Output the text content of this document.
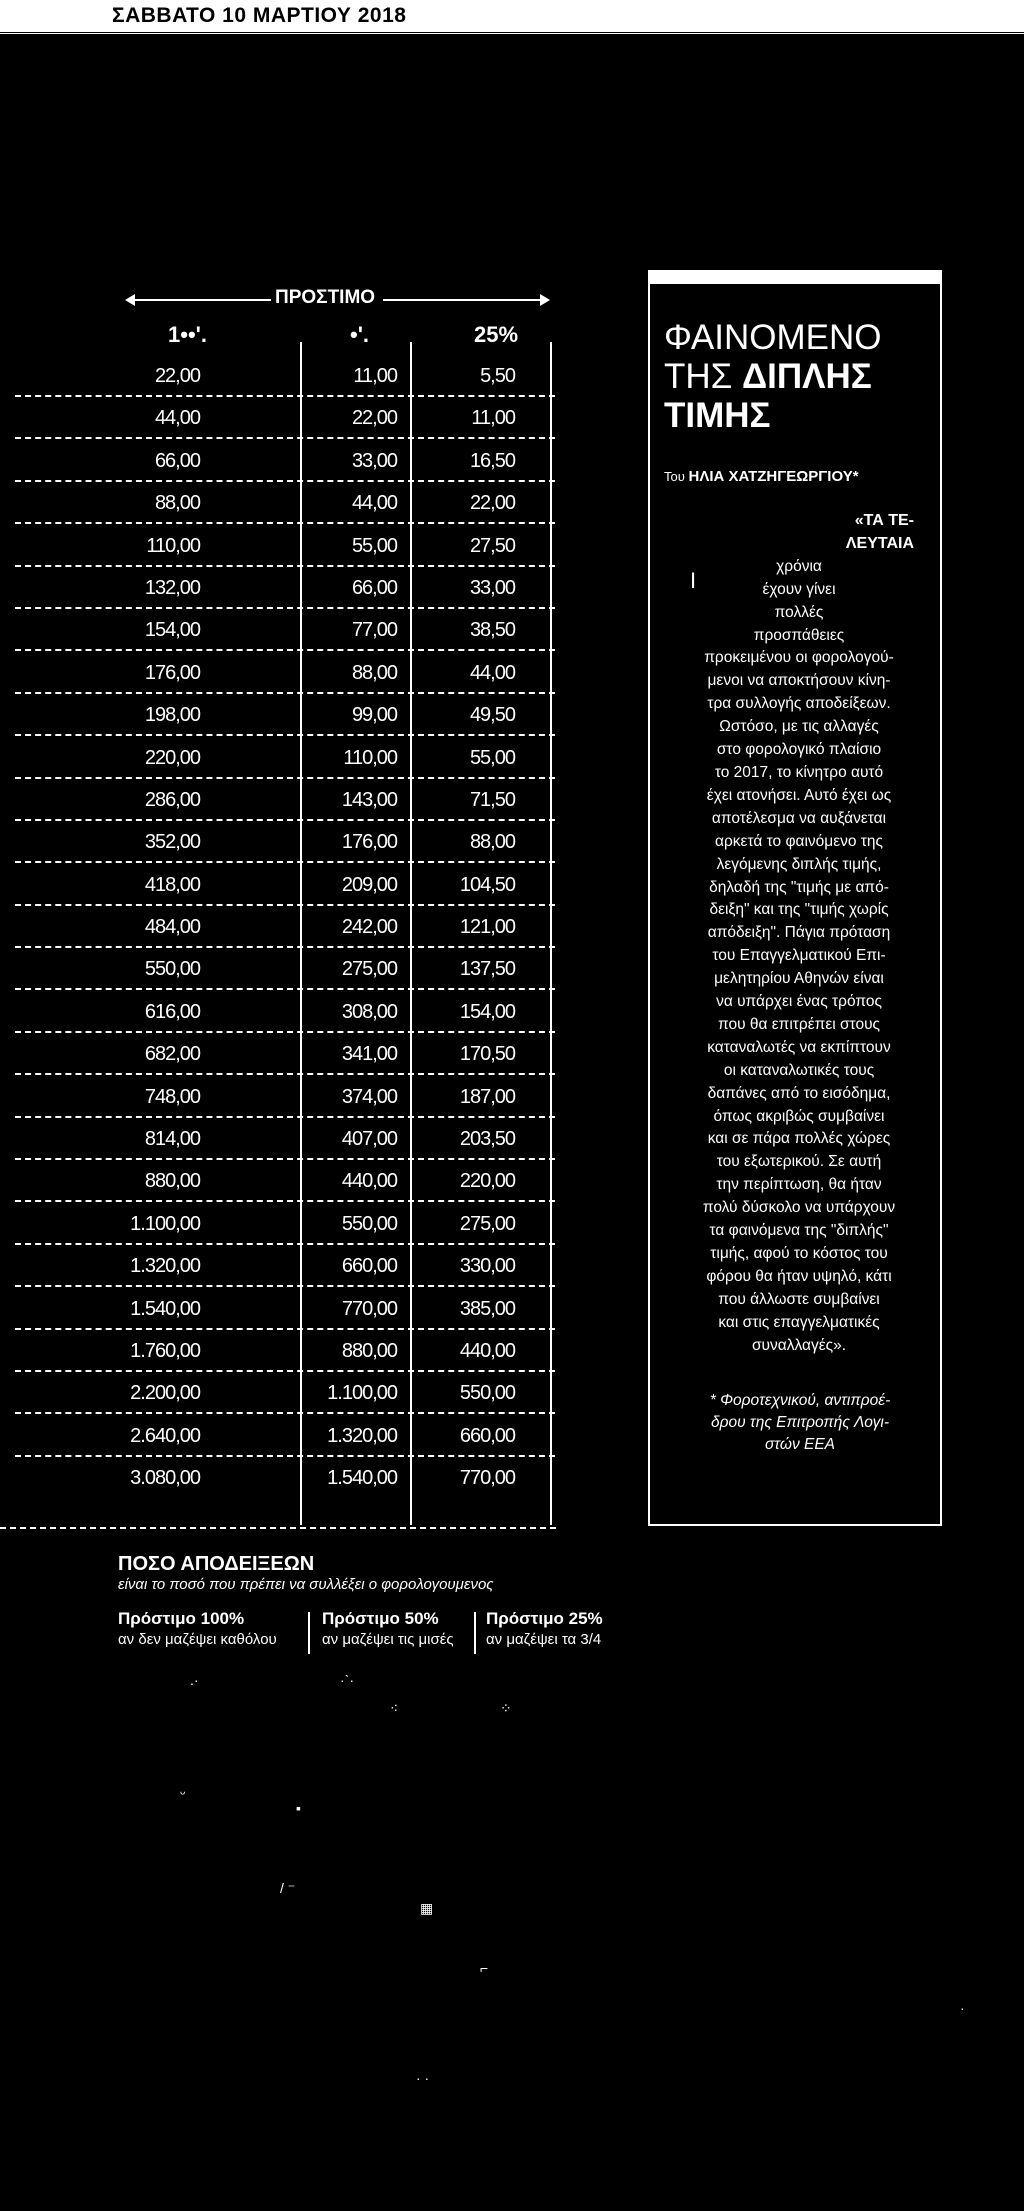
ΣΑΒΒΑΤΟ 10 ΜΑΡΤΙΟΥ 2018
ΠΡΟΣΤΙΜΟ
1••'.	•'.	25%
22,00	11,00	5,50
44,00	22,00	11,00
66,00	33,00	16,50
88,00	44,00	22,00
110,00	55,00	27,50
132,00	66,00	33,00
154,00	77,00	38,50
176,00	88,00	44,00
198,00	99,00	49,50
220,00	110,00	55,00
286,00	143,00	71,50
352,00	176,00	88,00
418,00	209,00	104,50
484,00	242,00	121,00
550,00	275,00	137,50
616,00	308,00	154,00
682,00	341,00	170,50
748,00	374,00	187,00
814,00	407,00	203,50
880,00	440,00	220,00
1.100,00	550,00	275,00
1.320,00	660,00	330,00
1.540,00	770,00	385,00
1.760,00	880,00	440,00
2.200,00	1.100,00	550,00
2.640,00	1.320,00	660,00
3.080,00	1.540,00	770,00
ΠΟΣΟ ΑΠΟΔΕΙΞΕΩΝ
είναι το ποσό που πρέπει να συλλέξει ο φορολογουμενος
Πρόστιμο 100%
αν δεν μαζέψει καθόλου
Πρόστιμο 50%
αν μαζέψει τις μισές
Πρόστιμο 25%
αν μαζέψει τα 3/4
.·	·ˋ·
⁖	⁘
ᵕ
▪
/ ⁻
▦
⌐
·
· ·
ΦΑΙΝΟΜΕΝΟ
ΤΗΣ ΔΙΠΛΗΣ
ΤΙΜΗΣ
Του ΗΛΙΑ ΧΑΤΖΗΓΕΩΡΓΙΟΥ*
«ΤΑ ΤΕ-
ΛΕΥΤΑΙΑ
χρόνια
έχουν γίνει
πολλές
προσπάθειες
προκειμένου οι φορολογού-
μενοι να αποκτήσουν κίνη-
τρα συλλογής αποδείξεων.
Ωστόσο, με τις αλλαγές
στο φορολογικό πλαίσιο
το 2017, το κίνητρο αυτό
έχει ατονήσει. Αυτό έχει ως
αποτέλεσμα να αυξάνεται
αρκετά το φαινόμενο της
λεγόμενης διπλής τιμής,
δηλαδή της "τιμής με από-
δειξη" και της "τιμής χωρίς
απόδειξη". Πάγια πρόταση
του Επαγγελματικού Επι-
μελητηρίου Αθηνών είναι
να υπάρχει ένας τρόπος
που θα επιτρέπει στους
καταναλωτές να εκπίπτουν
οι καταναλωτικές τους
δαπάνες από το εισόδημα,
όπως ακριβώς συμβαίνει
και σε πάρα πολλές χώρες
του εξωτερικού. Σε αυτή
την περίπτωση, θα ήταν
πολύ δύσκολο να υπάρχουν
τα φαινόμενα της "διπλής"
τιμής, αφού το κόστος του
φόρου θα ήταν υψηλό, κάτι
που άλλωστε συμβαίνει
και στις επαγγελματικές
συναλλαγές».
Ι
* Φοροτεχνικού, αντιπροέ-
δρου της Επιτροπής Λογι-
στών ΕΕΑ
